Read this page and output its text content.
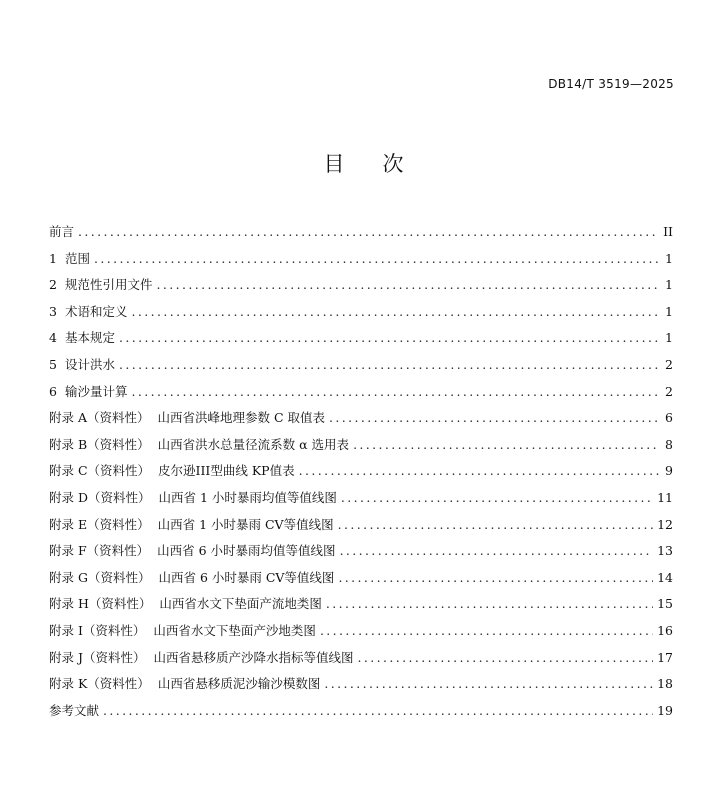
DB14/T 3519—2025
目 次
前言 .....	II
1 范围 .....	1
2 规范性引用文件 .....	1
3 术语和定义 .....	1
4 基本规定 .....	1
5 设计洪水 .....	2
6 输沙量计算 .....	2
附录 A（资料性） 山西省洪峰地理参数 C 取值表 .....	6
附录 B（资料性） 山西省洪水总量径流系数 α 选用表 .....	8
附录 C（资料性） 皮尔逊III型曲线 KP值表 .....	9
附录 D（资料性） 山西省 1 小时暴雨均值等值线图 .....	11
附录 E（资料性） 山西省 1 小时暴雨 CV等值线图 .....	12
附录 F（资料性） 山西省 6 小时暴雨均值等值线图 .....	13
附录 G（资料性） 山西省 6 小时暴雨 CV等值线图 .....	14
附录 H（资料性） 山西省水文下垫面产流地类图 .....	15
附录 I（资料性） 山西省水文下垫面产沙地类图 .....	16
附录 J（资料性） 山西省悬移质产沙降水指标等值线图 .....	17
附录 K（资料性） 山西省悬移质泥沙输沙模数图 .....	18
参考文献 .....	19
